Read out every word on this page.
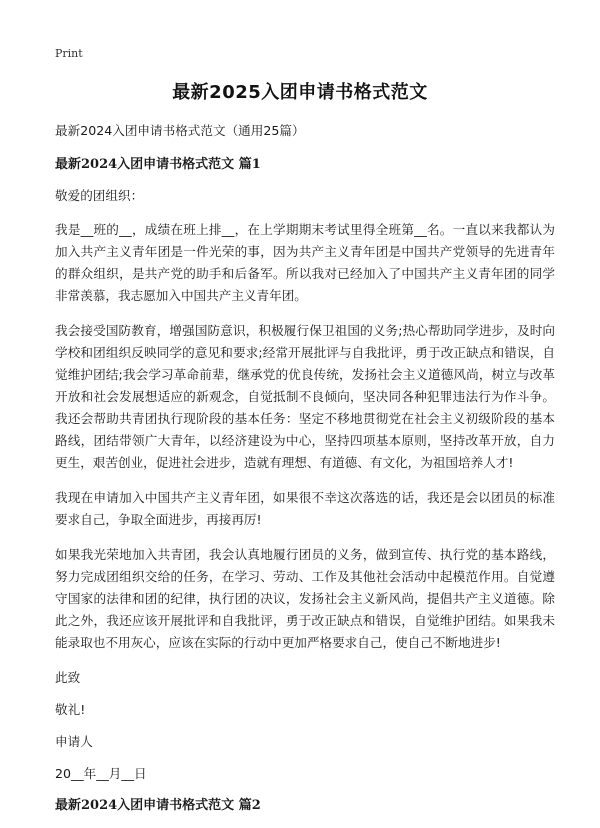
Print
最新2025入团申请书格式范文

最新2024入团申请书格式范文（通用25篇）

最新2024入团申请书格式范文 篇1

敬爱的团组织：

我是__班的__，成绩在班上排__，在上学期期末考试里得全班第__名。一直以来我都认为加入共产主义青年团是一件光荣的事，因为共产主义青年团是中国共产党领导的先进青年的群众组织，是共产党的助手和后备军。所以我对已经加入了中国共产主义青年团的同学非常羡慕，我志愿加入中国共产主义青年团。

我会接受国防教育，增强国防意识，积极履行保卫祖国的义务;热心帮助同学进步，及时向学校和团组织反映同学的意见和要求;经常开展批评与自我批评，勇于改正缺点和错误，自觉维护团结;我会学习革命前辈，继承党的优良传统，发扬社会主义道德风尚，树立与改革开放和社会发展想适应的新观念，自觉抵制不良倾向，坚决同各种犯罪违法行为作斗争。我还会帮助共青团执行现阶段的基本任务：坚定不移地贯彻党在社会主义初级阶段的基本路线，团结带领广大青年，以经济建设为中心，坚持四项基本原则，坚持改革开放，自力更生，艰苦创业，促进社会进步，造就有理想、有道德、有文化，为祖国培养人才!

我现在申请加入中国共产主义青年团，如果很不幸这次落选的话，我还是会以团员的标准要求自己，争取全面进步，再接再厉!

如果我光荣地加入共青团，我会认真地履行团员的义务，做到宣传、执行党的基本路线，努力完成团组织交给的任务，在学习、劳动、工作及其他社会活动中起模范作用。自觉遵守国家的法律和团的纪律，执行团的决议，发扬社会主义新风尚，提倡共产主义道德。除此之外，我还应该开展批评和自我批评，勇于改正缺点和错误，自觉维护团结。如果我未能录取也不用灰心，应该在实际的行动中更加严格要求自己，使自己不断地进步!

此致

敬礼!

申请人

20__年__月__日

最新2024入团申请书格式范文 篇2
